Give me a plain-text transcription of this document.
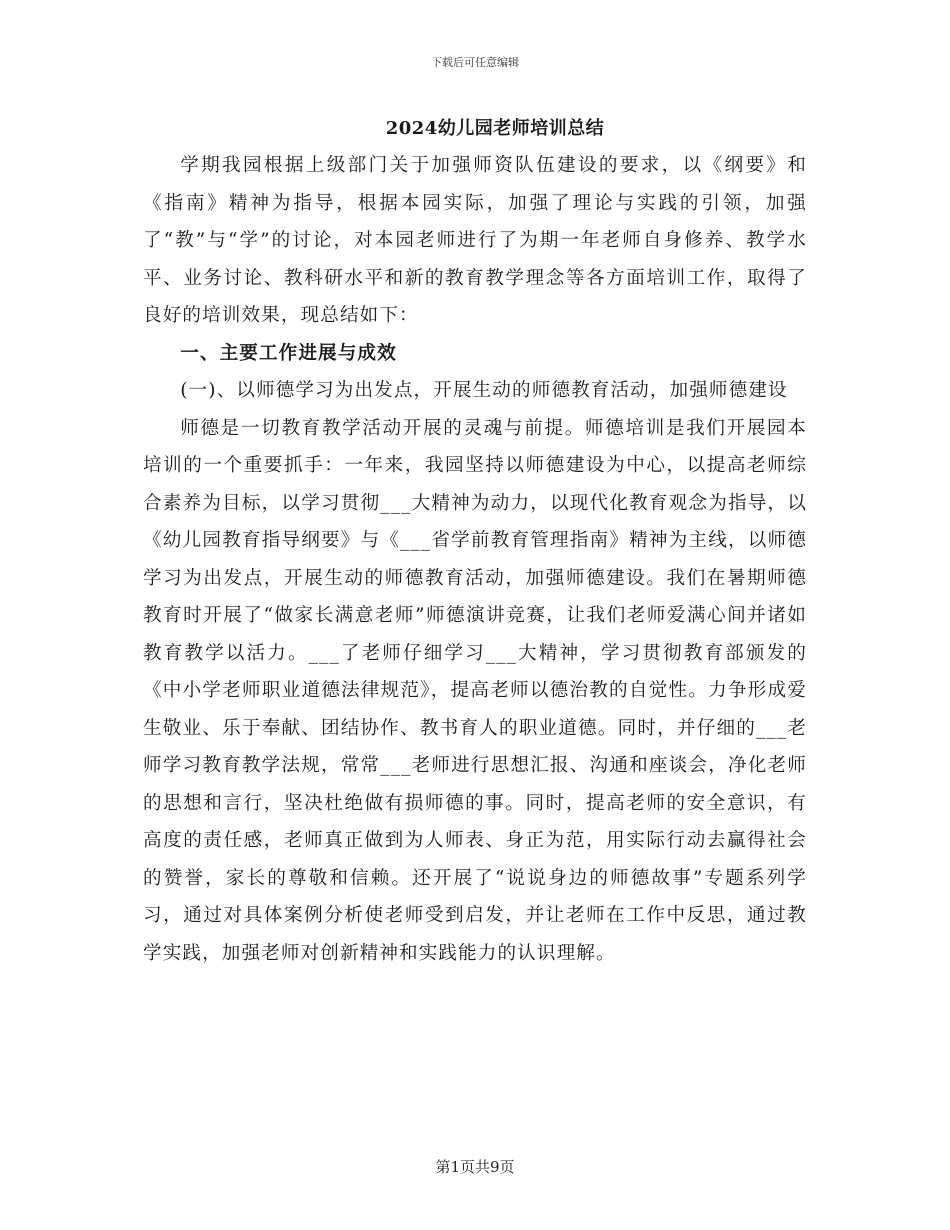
下载后可任意编辑
2024幼儿园老师培训总结

学期我园根据上级部门关于加强师资队伍建设的要求，以《纲要》和《指南》精神为指导，根据本园实际，加强了理论与实践的引领，加强了“教”与“学”的讨论，对本园老师进行了为期一年老师自身修养、教学水平、业务讨论、教科研水平和新的教育教学理念等各方面培训工作，取得了良好的培训效果，现总结如下：

一、主要工作进展与成效

(一)、以师德学习为出发点，开展生动的师德教育活动，加强师德建设

师德是一切教育教学活动开展的灵魂与前提。师德培训是我们开展园本培训的一个重要抓手：一年来，我园坚持以师德建设为中心，以提高老师综合素养为目标，以学习贯彻___大精神为动力，以现代化教育观念为指导，以《幼儿园教育指导纲要》与《___省学前教育管理指南》精神为主线，以师德学习为出发点，开展生动的师德教育活动，加强师德建设。我们在暑期师德教育时开展了“做家长满意老师”师德演讲竞赛，让我们老师爱满心间并诸如教育教学以活力。___了老师仔细学习___大精神，学习贯彻教育部颁发的《中小学老师职业道德法律规范》，提高老师以德治教的自觉性。力争形成爱生敬业、乐于奉献、团结协作、教书育人的职业道德。同时，并仔细的___老师学习教育教学法规，常常___老师进行思想汇报、沟通和座谈会，净化老师的思想和言行，坚决杜绝做有损师德的事。同时，提高老师的安全意识，有高度的责任感，老师真正做到为人师表、身正为范，用实际行动去赢得社会的赞誉，家长的尊敬和信赖。还开展了“说说身边的师德故事”专题系列学习，通过对具体案例分析使老师受到启发，并让老师在工作中反思，通过教学实践，加强老师对创新精神和实践能力的认识理解。

第1页共9页
